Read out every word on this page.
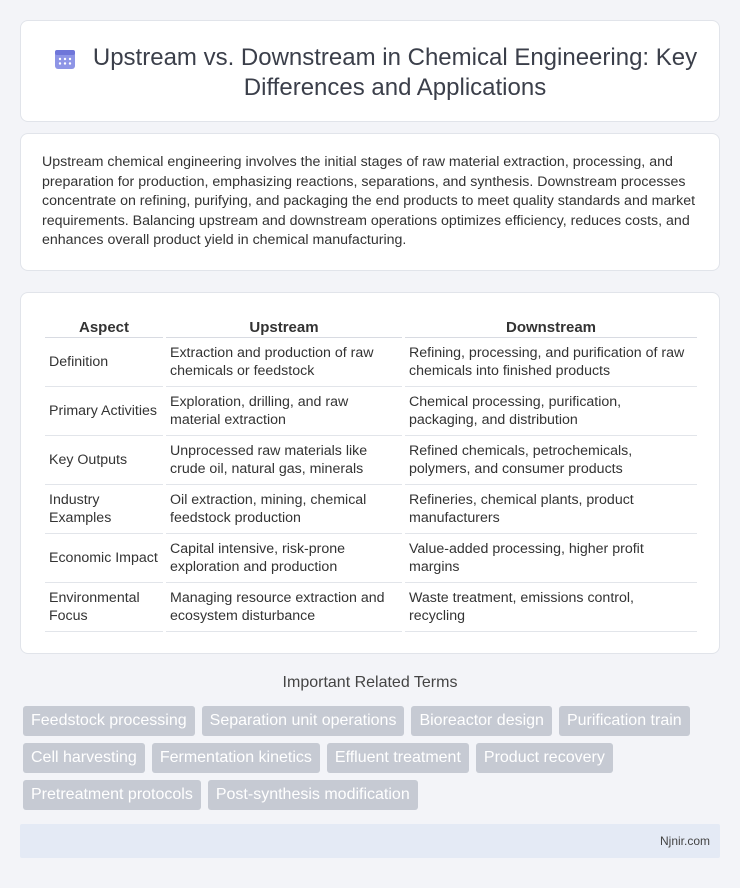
Upstream vs. Downstream in Chemical Engineering: Key Differences and Applications

Upstream chemical engineering involves the initial stages of raw material extraction, processing, and preparation for production, emphasizing reactions, separations, and synthesis. Downstream processes concentrate on refining, purifying, and packaging the end products to meet quality standards and market requirements. Balancing upstream and downstream operations optimizes efficiency, reduces costs, and enhances overall product yield in chemical manufacturing.

Aspect	Upstream	Downstream
Definition	Extraction and production of raw chemicals or feedstock	Refining, processing, and purification of raw chemicals into finished products
Primary Activities	Exploration, drilling, and raw material extraction	Chemical processing, purification, packaging, and distribution
Key Outputs	Unprocessed raw materials like crude oil, natural gas, minerals	Refined chemicals, petrochemicals, polymers, and consumer products
Industry Examples	Oil extraction, mining, chemical feedstock production	Refineries, chemical plants, product manufacturers
Economic Impact	Capital intensive, risk-prone exploration and production	Value-added processing, higher profit margins
Environmental Focus	Managing resource extraction and ecosystem disturbance	Waste treatment, emissions control, recycling
Important Related Terms
Feedstock processing	Separation unit operations	Bioreactor design	Purification train
Cell harvesting	Fermentation kinetics	Effluent treatment	Product recovery
Pretreatment protocols	Post-synthesis modification
Njnir.com
